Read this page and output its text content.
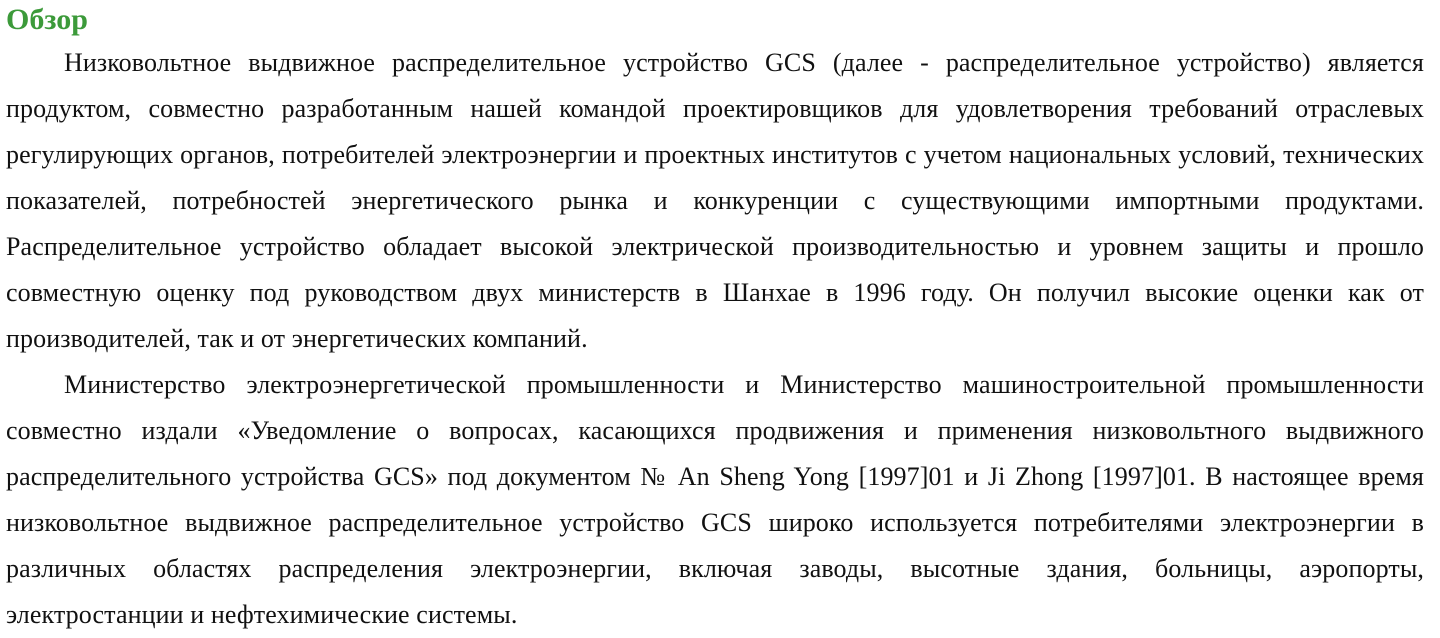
Обзор

Низковольтное выдвижное распределительное устройство GCS (далее - распределительное устройство) является продуктом, совместно разработанным нашей командой проектировщиков для удовлетворения требований отраслевых регулирующих органов, потребителей электроэнергии и проектных институтов с учетом национальных условий, технических показателей, потребностей энергетического рынка и конкуренции с существующими импортными продуктами. Распределительное устройство обладает высокой электрической производительностью и уровнем защиты и прошло совместную оценку под руководством двух министерств в Шанхае в 1996 году. Он получил высокие оценки как от производителей, так и от энергетических компаний.

Министерство электроэнергетической промышленности и Министерство машиностроительной промышленности совместно издали «Уведомление о вопросах, касающихся продвижения и применения низковольтного выдвижного распределительного устройства GCS» под документом № An Sheng Yong [1997]01 и Ji Zhong [1997]01. В настоящее время низковольтное выдвижное распределительное устройство GCS широко используется потребителями электроэнергии в различных областях распределения электроэнергии, включая заводы, высотные здания, больницы, аэропорты, электростанции и нефтехимические системы.
